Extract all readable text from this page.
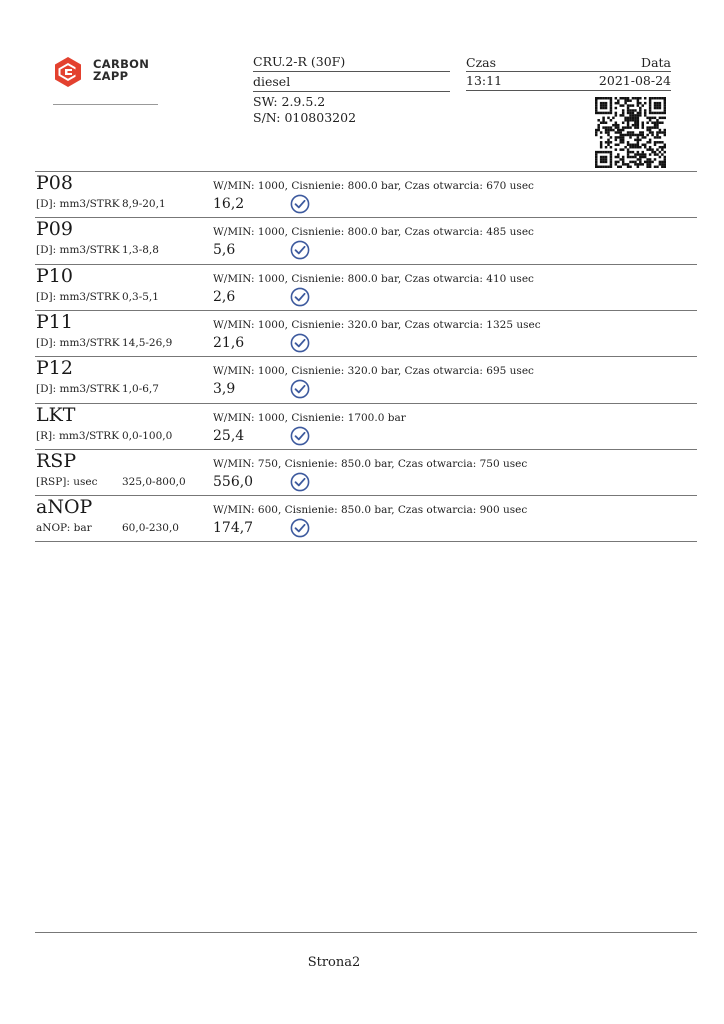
CARBON
ZAPP
CRU.2-R (30F)
diesel
SW: 2.9.5.2
S/N: 010803202
Czas	Data
13:11	2021-08-24
P08
[D]: mm3/STRK 8,9-20,1
W/MIN: 1000, Cisnienie: 800.0 bar, Czas otwarcia: 670 usec
16,2
P09
[D]: mm3/STRK 1,3-8,8
W/MIN: 1000, Cisnienie: 800.0 bar, Czas otwarcia: 485 usec
5,6
P10
[D]: mm3/STRK 0,3-5,1
W/MIN: 1000, Cisnienie: 800.0 bar, Czas otwarcia: 410 usec
2,6
P11
[D]: mm3/STRK 14,5-26,9
W/MIN: 1000, Cisnienie: 320.0 bar, Czas otwarcia: 1325 usec
21,6
P12
[D]: mm3/STRK 1,0-6,7
W/MIN: 1000, Cisnienie: 320.0 bar, Czas otwarcia: 695 usec
3,9
LKT
[R]: mm3/STRK 0,0-100,0
W/MIN: 1000, Cisnienie: 1700.0 bar
25,4
RSP
[RSP]: usec 325,0-800,0
W/MIN: 750, Cisnienie: 850.0 bar, Czas otwarcia: 750 usec
556,0
aNOP
aNOP: bar	60,0-230,0
W/MIN: 600, Cisnienie: 850.0 bar, Czas otwarcia: 900 usec
174,7
Strona2
